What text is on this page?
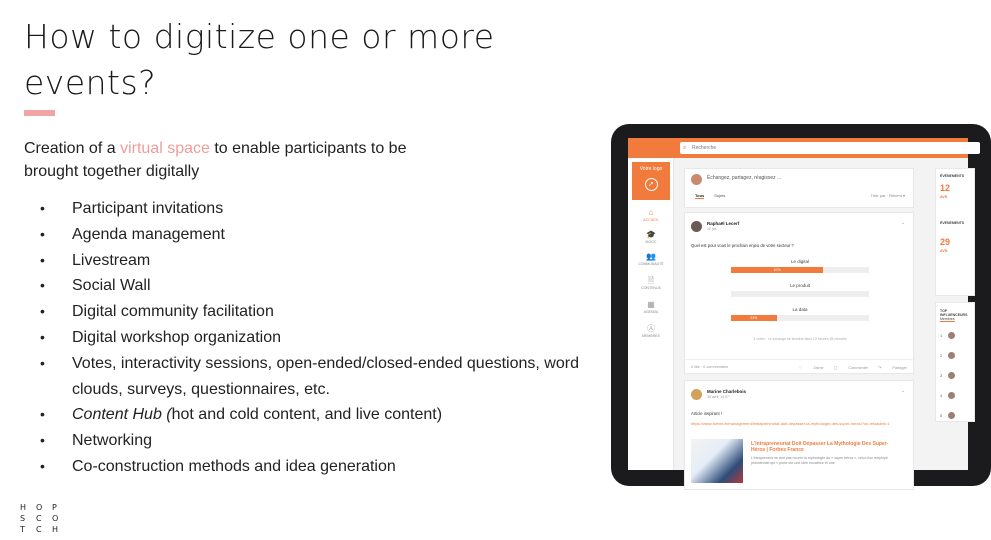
How to digitize one or more events?

Creation of a virtual space to enable participants to be brought together digitally

• Participant invitations
• Agenda management
• Livestream
• Social Wall
• Digital community facilitation
• Digital workshop organization
• Votes, interactivity sessions, open-ended/closed-ended questions, word clouds, surveys, questionnaires, etc.
• Content Hub (hot and cold content, and live content)
• Networking
• Co-construction methods and idea generation
H	O	P
S	C	O
T	C	H
⌕ Recherche
Votre logo
➚
⌂
ACCUEIL
🎓
MOOC
👥
COMMUNAUTÉ
🗎
CONTENUS
▦
AGENDA
Ⓐ
MEMBRES
Échangez, partagez, réagissez ...
Tous	Sujets	Trier par · Récent ▾
Raphaël Lecerf
10 juil.
⌄
Quel est pour vous le prochain enjeu de votre secteur ?
Le digital
67%
Le produit
La data
33%
3 votes · Le sondage se termine dans 13 heures 55 minutes
0 like · 0 commentaire	♡	J'aime	▢	Commenter	↷	Partager
Marine Charlebois
30 avril, 14:07
⌄
Article inspirant !
https://www.forbes.fr/management/lintrapreneuriat-doit-depasser-la-mythologie-des-super-heros/?cn-reloaded=1
L'Intrapreneuriat Doit Dépasser La Mythologie Des Super-Héros | Forbes France
L'intrapreneur ne doit pas nourrir la mythologie du « super héros », celui d'un employé providentiel qui « porte sur une idée novatrice et une
ÉVÉNEMENTS
12
AVR.
ÉVÉNEMENTS
29
AVR.
TOP INFLUENCEURS
Membres
1
2
3
4
5
